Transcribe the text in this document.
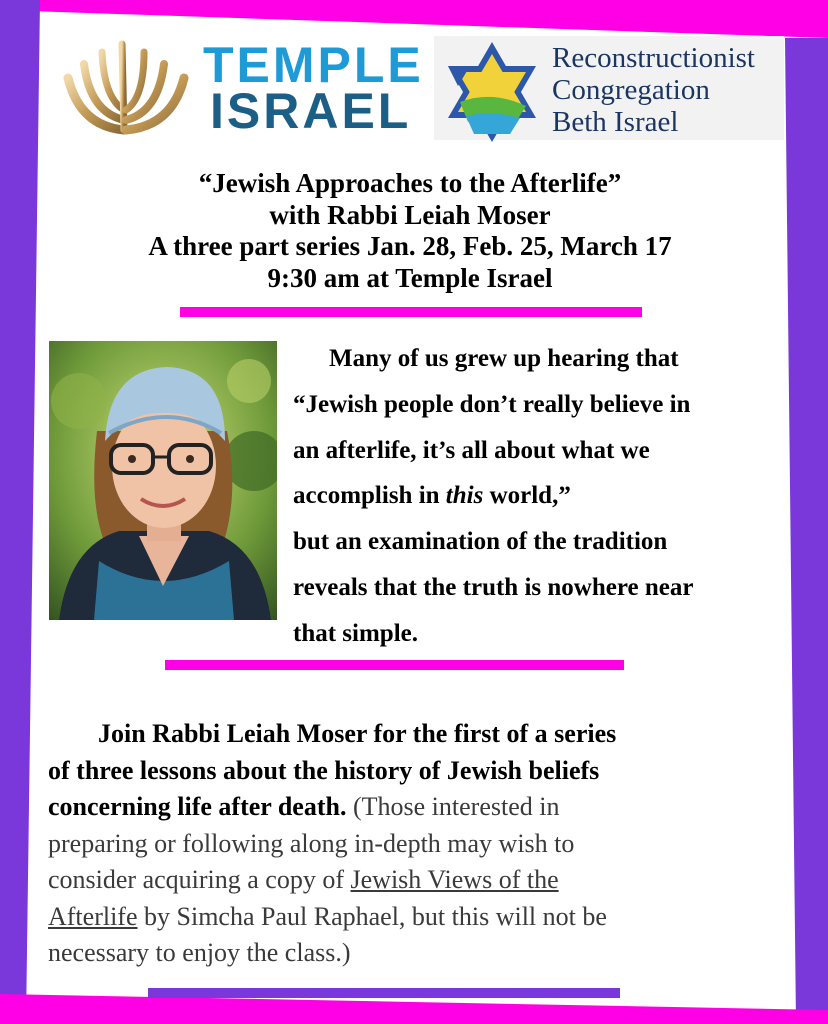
TEMPLE
ISRAEL
Reconstructionist
Congregation
Beth Israel
“Jewish Approaches to the Afterlife”
with Rabbi Leiah Moser
A three part series Jan. 28, Feb. 25, March 17
9:30 am at Temple Israel
Many of us grew up hearing that
“Jewish people don’t really believe in
an afterlife, it’s all about what we
accomplish in this world,”
but an examination of the tradition
reveals that the truth is nowhere near
that simple.
Join Rabbi Leiah Moser for the first of a series
of three lessons about the history of Jewish beliefs
concerning life after death. (Those interested in
preparing or following along in-depth may wish to
consider acquiring a copy of Jewish Views of the
Afterlife by Simcha Paul Raphael, but this will not be
necessary to enjoy the class.)
